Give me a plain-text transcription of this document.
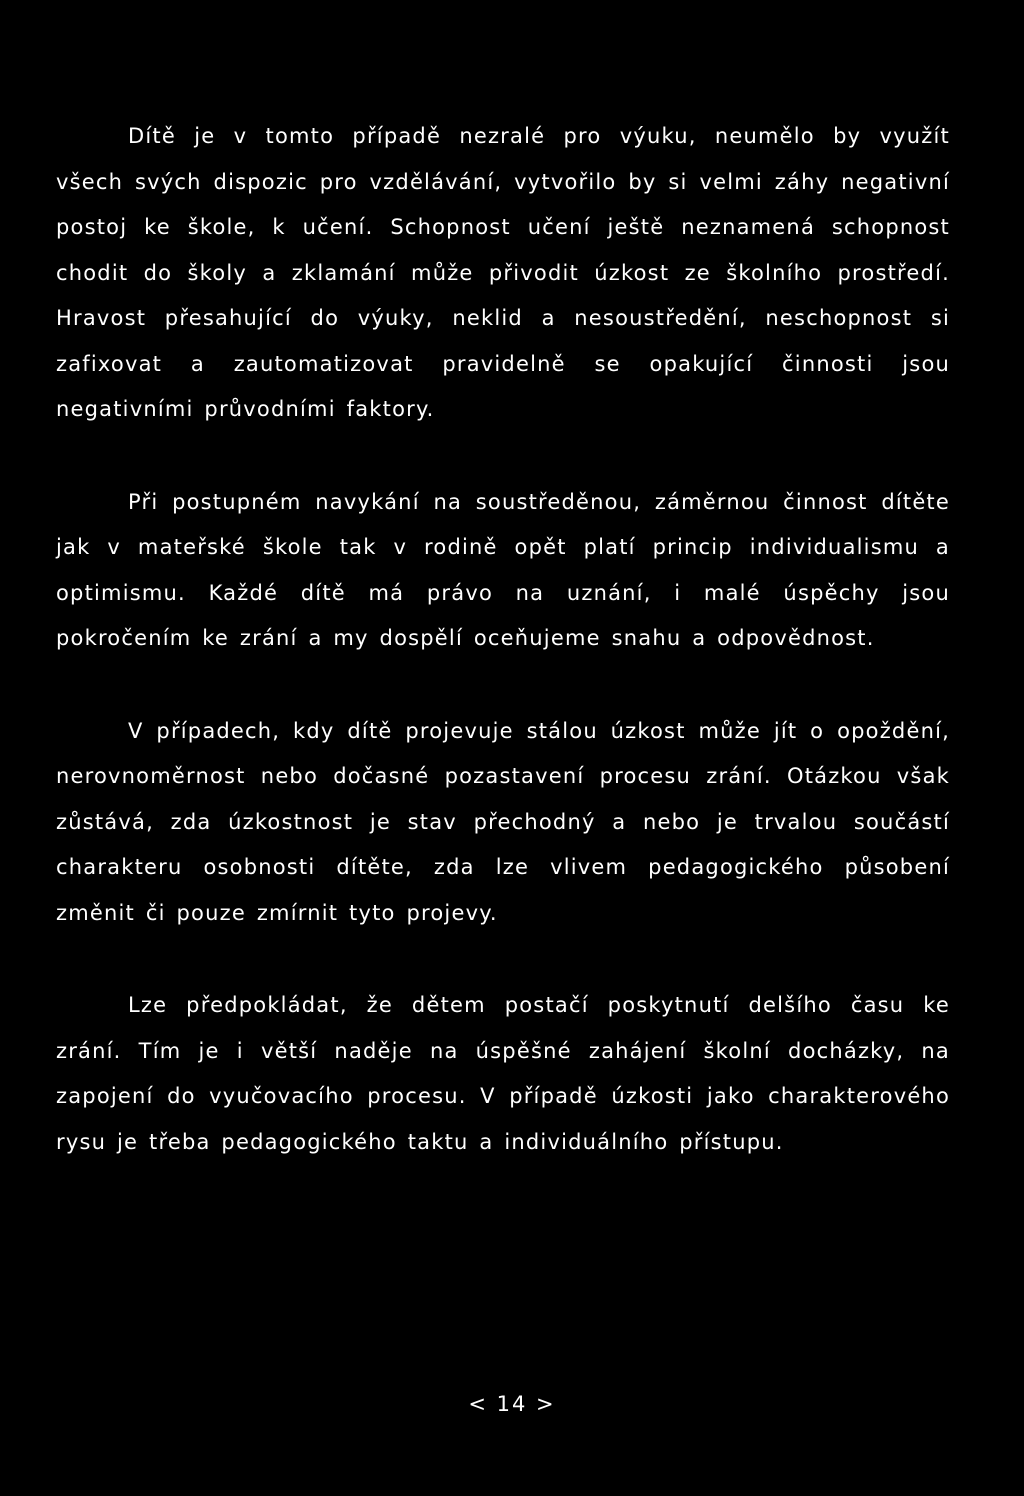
Dítě je v tomto případě nezralé pro výuku, neumělo by využít všech svých dispozic pro vzdělávání, vytvořilo by si velmi záhy negativní postoj ke škole, k učení. Schopnost učení ještě neznamená schopnost chodit do školy a zklamání může přivodit úzkost ze školního prostředí. Hravost přesahující do výuky, neklid a nesoustředění, neschopnost si zafixovat a zautomatizovat pravidelně se opakující činnosti jsou negativními průvodními faktory.

Při postupném navykání na soustředěnou, záměrnou činnost dítěte jak v mateřské škole tak v rodině opět platí princip individualismu a optimismu. Každé dítě má právo na uznání, i malé úspěchy jsou pokročením ke zrání a my dospělí oceňujeme snahu a odpovědnost.

V případech, kdy dítě projevuje stálou úzkost může jít o opoždění, nerovnoměrnost nebo dočasné pozastavení procesu zrání. Otázkou však zůstává, zda úzkostnost je stav přechodný a nebo je trvalou součástí charakteru osobnosti dítěte, zda lze vlivem pedagogického působení změnit či pouze zmírnit tyto projevy.

Lze předpokládat, že dětem postačí poskytnutí delšího času ke zrání. Tím je i větší naděje na úspěšné zahájení školní docházky, na zapojení do vyučovacího procesu. V případě úzkosti jako charakterového rysu je třeba pedagogického taktu a individuálního přístupu.

< 14 >
